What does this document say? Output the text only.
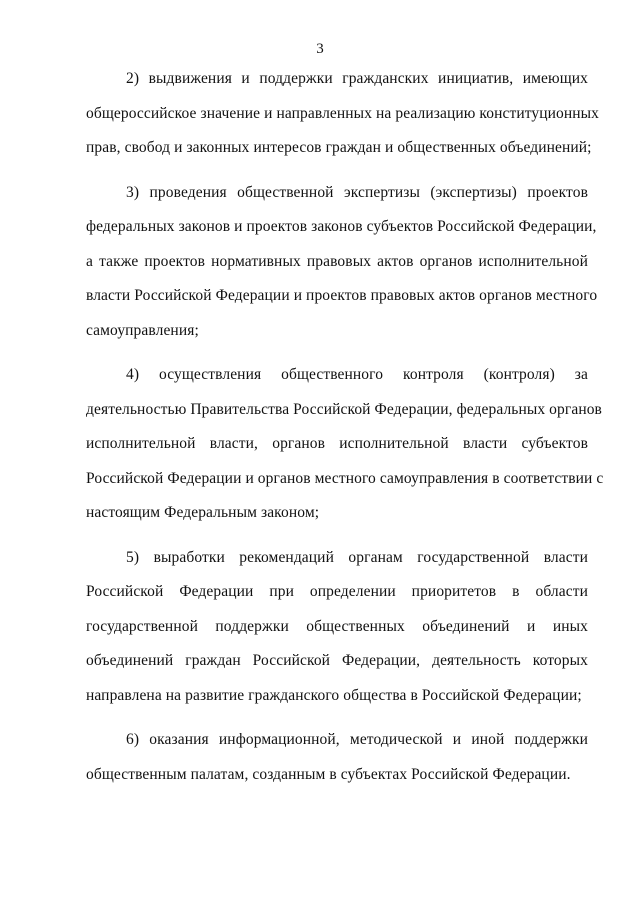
3

2) выдвижения и поддержки гражданских инициатив, имеющих
общероссийское значение и направленных на реализацию конституционных
прав, свобод и законных интересов граждан и общественных объединений;

3) проведения общественной экспертизы (экспертизы) проектов
федеральных законов и проектов законов субъектов Российской Федерации,
а также проектов нормативных правовых актов органов исполнительной
власти Российской Федерации и проектов правовых актов органов местного
самоуправления;

4) осуществления общественного контроля (контроля) за
деятельностью Правительства Российской Федерации, федеральных органов
исполнительной власти, органов исполнительной власти субъектов
Российской Федерации и органов местного самоуправления в соответствии с
настоящим Федеральным законом;

5) выработки рекомендаций органам государственной власти
Российской Федерации при определении приоритетов в области
государственной поддержки общественных объединений и иных
объединений граждан Российской Федерации, деятельность которых
направлена на развитие гражданского общества в Российской Федерации;

6) оказания информационной, методической и иной поддержки
общественным палатам, созданным в субъектах Российской Федерации.
